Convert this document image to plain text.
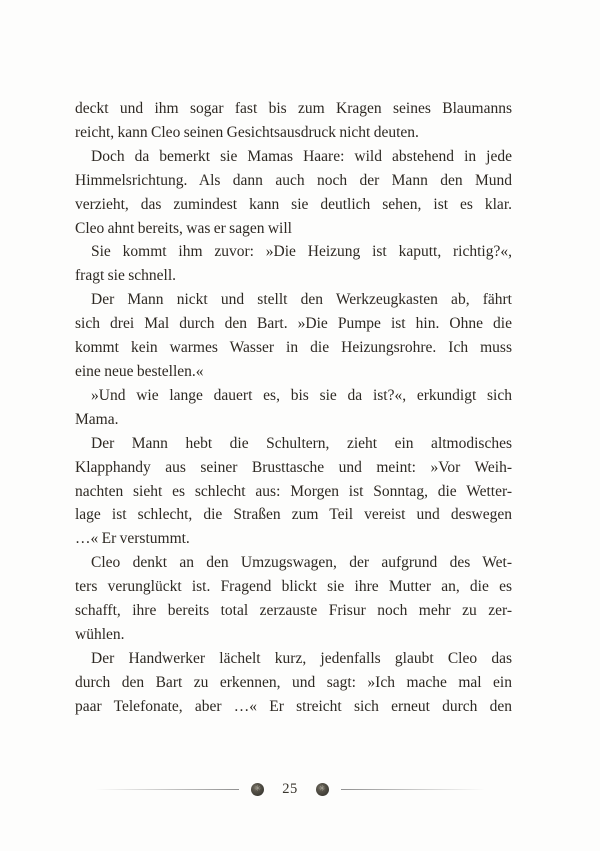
deckt und ihm sogar fast bis zum Kragen seines Blaumanns
reicht, kann Cleo seinen Gesichtsausdruck nicht deuten.
Doch da bemerkt sie Mamas Haare: wild abstehend in jede
Himmelsrichtung. Als dann auch noch der Mann den Mund
verzieht, das zumindest kann sie deutlich sehen, ist es klar.
Cleo ahnt bereits, was er sagen will
Sie kommt ihm zuvor: »Die Heizung ist kaputt, richtig?«,
fragt sie schnell.
Der Mann nickt und stellt den Werkzeugkasten ab, fährt
sich drei Mal durch den Bart. »Die Pumpe ist hin. Ohne die
kommt kein warmes Wasser in die Heizungsrohre. Ich muss
eine neue bestellen.«
»Und wie lange dauert es, bis sie da ist?«, erkundigt sich
Mama.
Der Mann hebt die Schultern, zieht ein altmodisches
Klapphandy aus seiner Brusttasche und meint: »Vor Weih-
nachten sieht es schlecht aus: Morgen ist Sonntag, die Wetter-
lage ist schlecht, die Straßen zum Teil vereist und deswegen
…« Er verstummt.
Cleo denkt an den Umzugswagen, der aufgrund des Wet-
ters verunglückt ist. Fragend blickt sie ihre Mutter an, die es
schafft, ihre bereits total zerzauste Frisur noch mehr zu zer-
wühlen.
Der Handwerker lächelt kurz, jedenfalls glaubt Cleo das
durch den Bart zu erkennen, und sagt: »Ich mache mal ein
paar Telefonate, aber …« Er streicht sich erneut durch den
✳
25
✳
